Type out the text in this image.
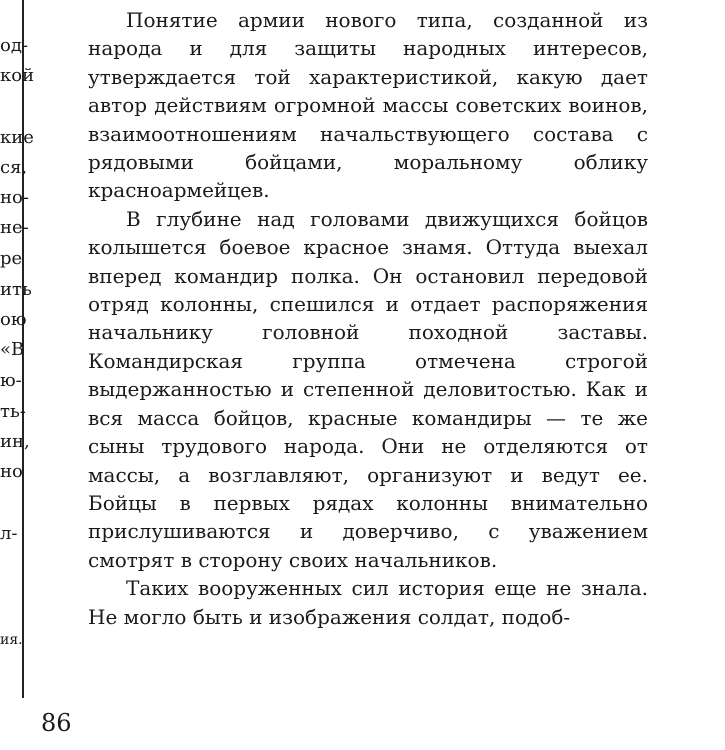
од-
кой
кие
ся,
но-
не-
ре
ить
ою
«В
ю-
ть-
ин,
но
л-
ия.

Понятие армии нового типа, созданной из народа и для защиты народных интересов, утверждается той характеристикой, какую дает автор действиям огромной массы советских воинов, взаимоотношениям начальствующего состава с рядовыми бойцами, моральному облику красноармейцев.

В глубине над головами движущихся бойцов колышется боевое красное знамя. Оттуда выехал вперед командир полка. Он остановил передовой отряд колонны, спешился и отдает распоряжения начальнику головной походной заставы. Командирская группа отмечена строгой выдержанностью и степенной деловитостью. Как и вся масса бойцов, красные командиры — те же сыны трудового народа. Они не отделяются от массы, а возглавляют, организуют и ведут ее. Бойцы в первых рядах колонны внимательно прислушиваются и доверчиво, с уважением смотрят в сторону своих начальников.

Таких вооруженных сил история еще не знала. Не могло быть и изображения солдат, подоб-

86
